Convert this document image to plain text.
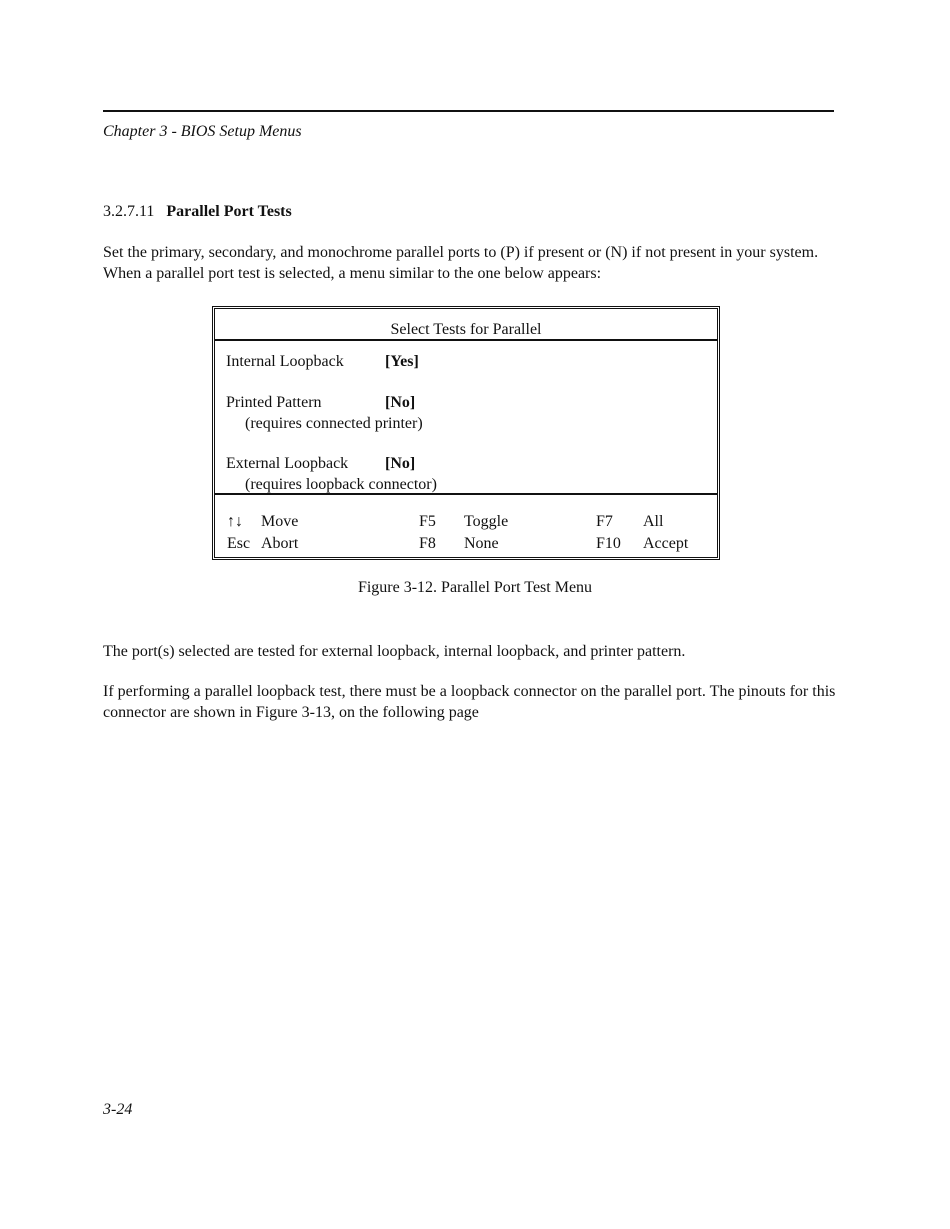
Chapter 3 - BIOS Setup Menus
3.2.7.11 Parallel Port Tests
Set the primary, secondary, and monochrome parallel ports to (P) if present or (N) if not present in your system. When a parallel port test is selected, a menu similar to the one below appears:
Select Tests for Parallel
Internal Loopback	[Yes]
Printed Pattern	[No]
(requires connected printer)
External Loopback [No]
(requires loopback connector)
↑↓ Move	F5 Toggle	F7 All
Esc Abort	F8 None	F10 Accept
Figure 3-12. Parallel Port Test Menu
The port(s) selected are tested for external loopback, internal loopback, and printer pattern.
If performing a parallel loopback test, there must be a loopback connector on the parallel port. The pinouts for this connector are shown in Figure 3-13, on the following page
3-24
